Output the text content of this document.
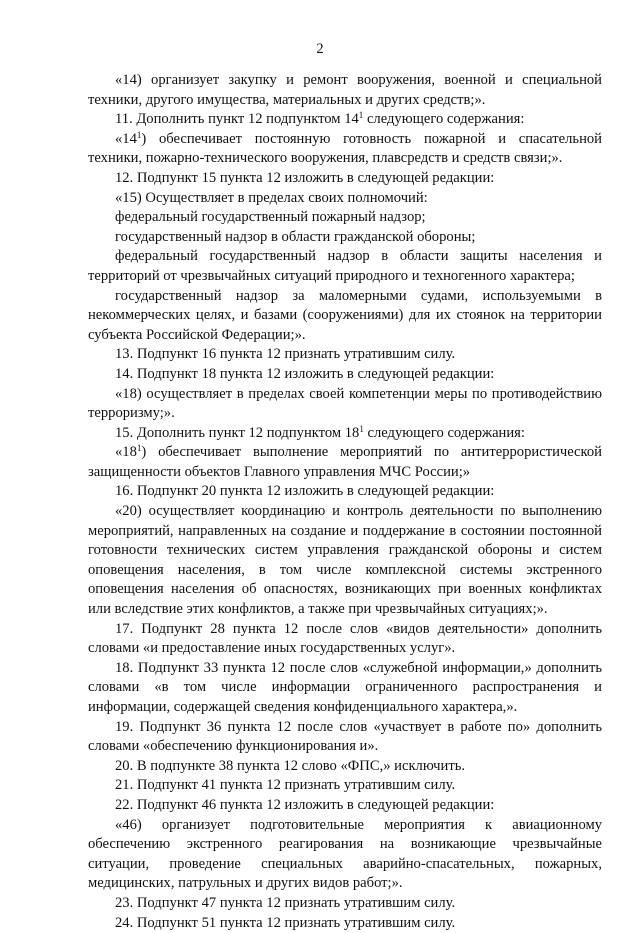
2

«14) организует закупку и ремонт вооружения, военной и специальной техники, другого имущества, материальных и других средств;».

11. Дополнить пункт 12 подпунктом $14^1$ следующего содержания:

«$14^1$) обеспечивает постоянную готовность пожарной и спасательной техники, пожарно-технического вооружения, плавсредств и средств связи;».

12. Подпункт 15 пункта 12 изложить в следующей редакции:

«15) Осуществляет в пределах своих полномочий:

федеральный государственный пожарный надзор;

государственный надзор в области гражданской обороны;

федеральный государственный надзор в области защиты населения и территорий от чрезвычайных ситуаций природного и техногенного характера;

государственный надзор за маломерными судами, используемыми в некоммерческих целях, и базами (сооружениями) для их стоянок на территории субъекта Российской Федерации;».

13. Подпункт 16 пункта 12 признать утратившим силу.

14. Подпункт 18 пункта 12 изложить в следующей редакции:

«18) осуществляет в пределах своей компетенции меры по противодействию терроризму;».

15. Дополнить пункт 12 подпунктом $18^1$ следующего содержания:

«$18^1$) обеспечивает выполнение мероприятий по антитеррористической защищенности объектов Главного управления МЧС России;»

16. Подпункт 20 пункта 12 изложить в следующей редакции:

«20) осуществляет координацию и контроль деятельности по выполнению мероприятий, направленных на создание и поддержание в состоянии постоянной готовности технических систем управления гражданской обороны и систем оповещения населения, в том числе комплексной системы экстренного оповещения населения об опасностях, возникающих при военных конфликтах или вследствие этих конфликтов, а также при чрезвычайных ситуациях;».

17. Подпункт 28 пункта 12 после слов «видов деятельности» дополнить словами «и предоставление иных государственных услуг».

18. Подпункт 33 пункта 12 после слов «служебной информации,» дополнить словами «в том числе информации ограниченного распространения и информации, содержащей сведения конфиденциального характера,».

19. Подпункт 36 пункта 12 после слов «участвует в работе по» дополнить словами «обеспечению функционирования и».

20. В подпункте 38 пункта 12 слово «ФПС,» исключить.

21. Подпункт 41 пункта 12 признать утратившим силу.

22. Подпункт 46 пункта 12 изложить в следующей редакции:

«46) организует подготовительные мероприятия к авиационному обеспечению экстренного реагирования на возникающие чрезвычайные ситуации, проведение специальных аварийно-спасательных, пожарных, медицинских, патрульных и других видов работ;».

23. Подпункт 47 пункта 12 признать утратившим силу.

24. Подпункт 51 пункта 12 признать утратившим силу.
